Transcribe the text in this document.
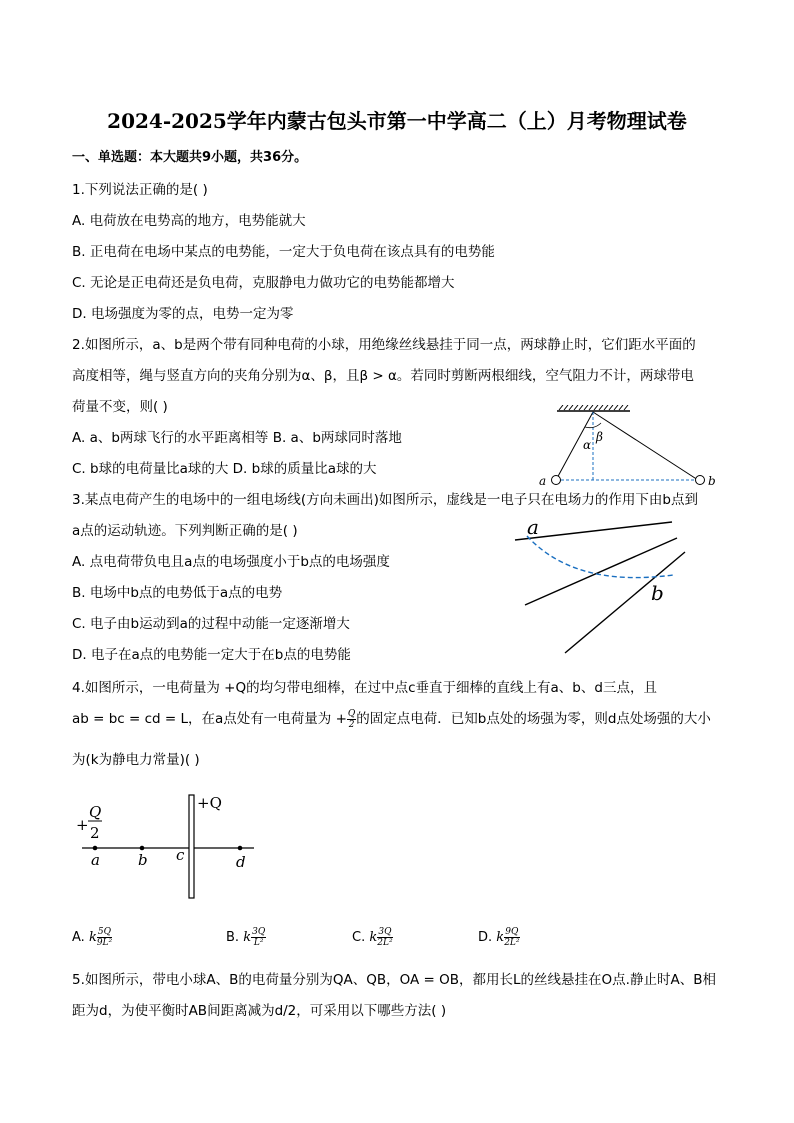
2024-2025学年内蒙古包头市第一中学高二（上）月考物理试卷
一、单选题：本大题共9小题，共36分。
1.下列说法正确的是( )
A. 电荷放在电势高的地方，电势能就大
B. 正电荷在电场中某点的电势能，一定大于负电荷在该点具有的电势能
C. 无论是正电荷还是负电荷，克服静电力做功它的电势能都增大
D. 电场强度为零的点，电势一定为零
2.如图所示，a、b是两个带有同种电荷的小球，用绝缘丝线悬挂于同一点，两球静止时，它们距水平面的
高度相等，绳与竖直方向的夹角分别为α、β，且β > α。若同时剪断两根细线，空气阻力不计，两球带电
荷量不变，则( )
A. a、b两球飞行的水平距离相等 B. a、b两球同时落地
C. b球的电荷量比a球的大 D. b球的质量比a球的大
α
β
a	b
3.某点电荷产生的电场中的一组电场线(方向未画出)如图所示，虚线是一电子只在电场力的作用下由b点到
a点的运动轨迹。下列判断正确的是( )
A. 点电荷带负电且a点的电场强度小于b点的电场强度
B. 电场中b点的电势低于a点的电势
C. 电子由b运动到a的过程中动能一定逐渐增大
D. 电子在a点的电势能一定大于在b点的电势能
a
b
4.如图所示，一电荷量为 +Q的均匀带电细棒，在过中点c垂直于细棒的直线上有a、b、d三点，且
ab = bc = cd = L，在a点处有一电荷量为 + $\frac{Q}{2}$ 的固定点电荷．已知b点处的场强为零，则d点处场强的大小
为(k为静电力常量)( )
+Q
+
Q
2
a	b c	d
A. k $\frac{5Q}{\text{9L²}}$	B. k $\frac{3Q}{\text{L²}}$	C. k $\frac{3Q}{\text{2L²}}$	D. k $\frac{9Q}{\text{2L²}}$
5.如图所示，带电小球A、B的电荷量分别为QA、QB，OA = OB，都用长L的丝线悬挂在O点.静止时A、B相
距为d，为使平衡时AB间距离减为d/2，可采用以下哪些方法( )
